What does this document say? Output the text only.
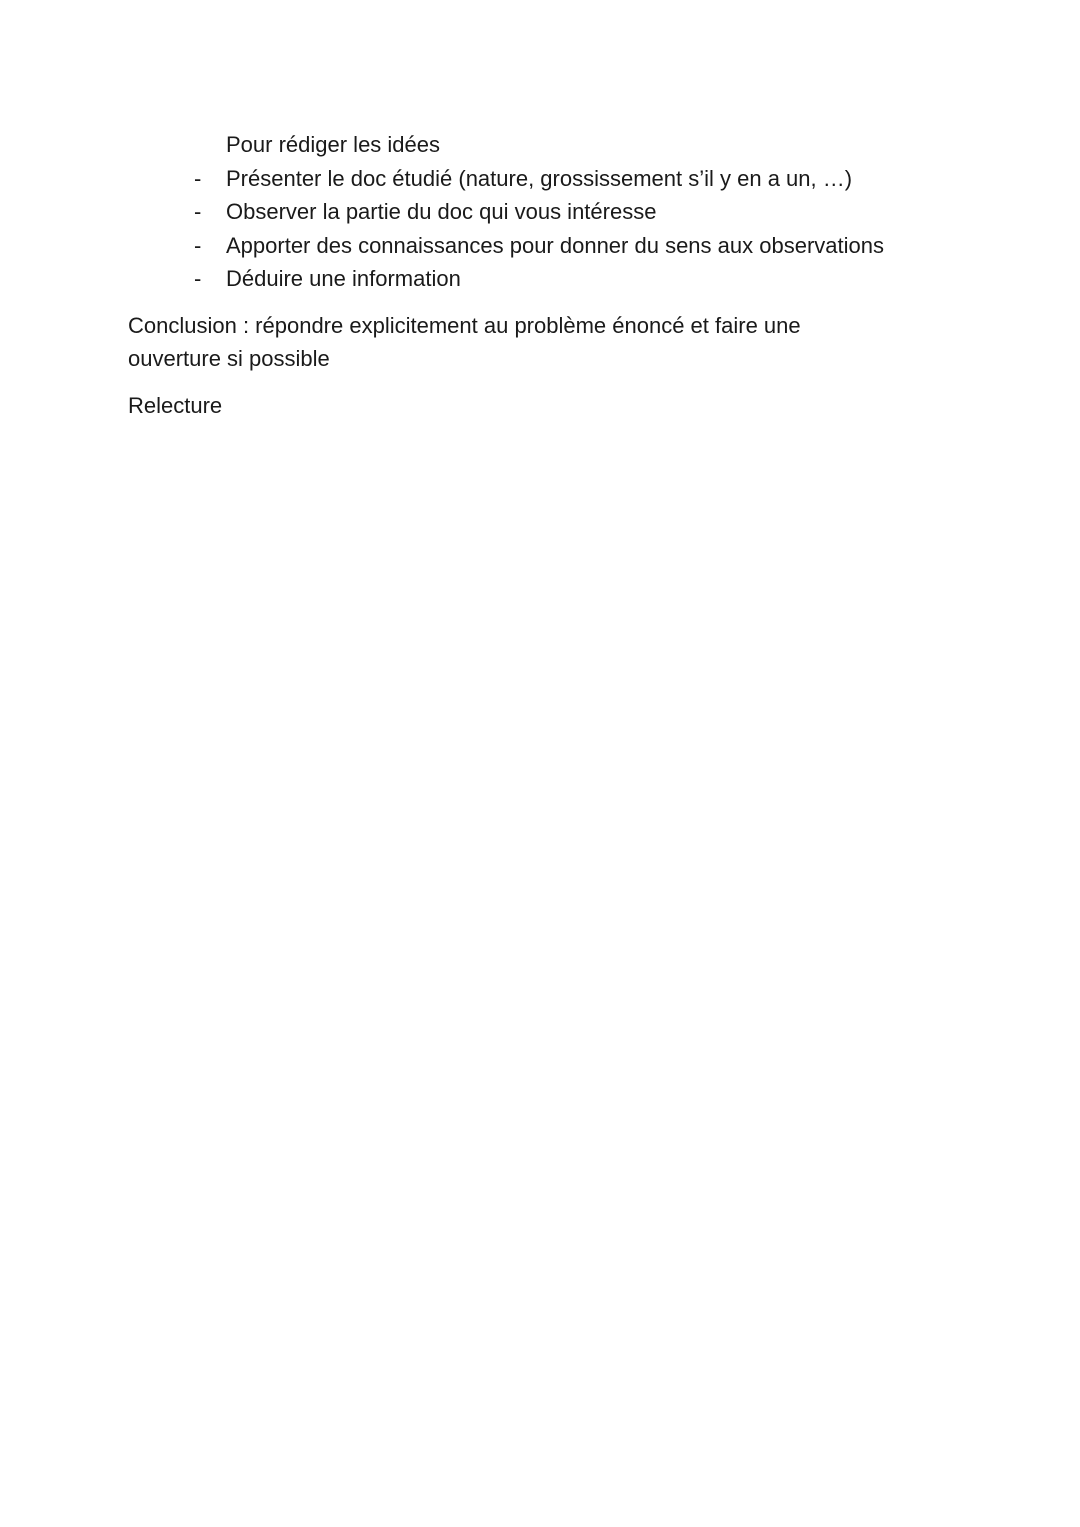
Pour rédiger les idées
- Présenter le doc étudié (nature, grossissement s’il y en a un, …)
- Observer la partie du doc qui vous intéresse
- Apporter des connaissances pour donner du sens aux observations
- Déduire une information
Conclusion : répondre explicitement au problème énoncé et faire une
ouverture si possible
Relecture
